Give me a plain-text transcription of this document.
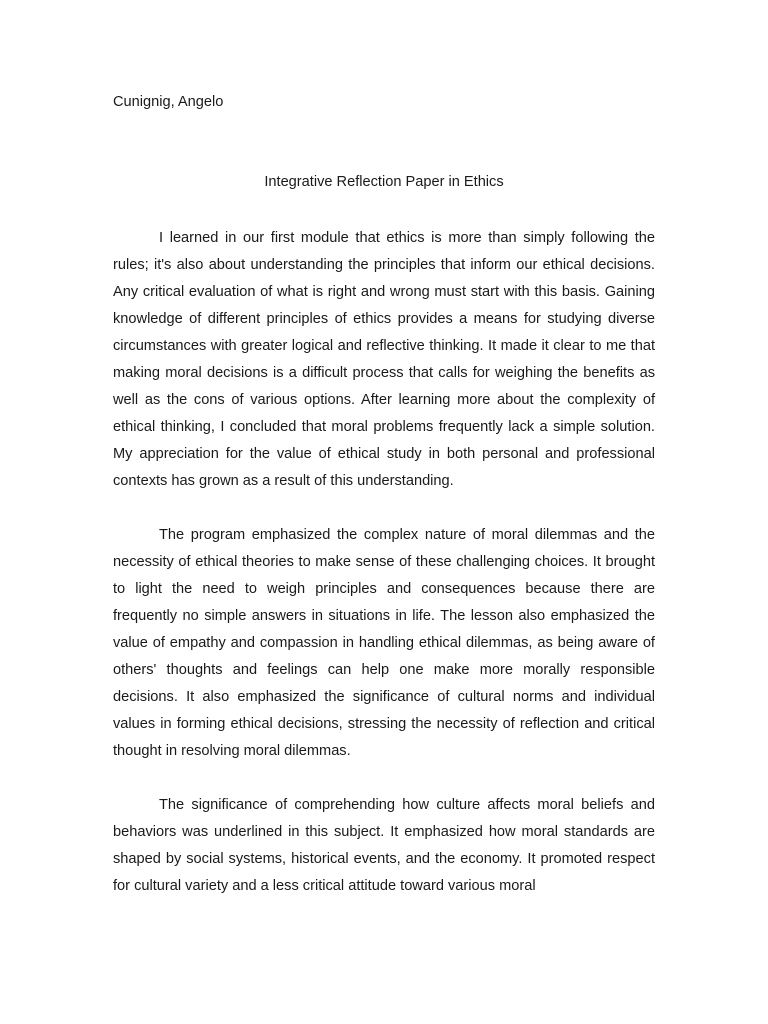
Cunignig, Angelo

Integrative Reflection Paper in Ethics

I learned in our first module that ethics is more than simply following the rules; it's also about understanding the principles that inform our ethical decisions. Any critical evaluation of what is right and wrong must start with this basis. Gaining knowledge of different principles of ethics provides a means for studying diverse circumstances with greater logical and reflective thinking. It made it clear to me that making moral decisions is a difficult process that calls for weighing the benefits as well as the cons of various options. After learning more about the complexity of ethical thinking, I concluded that moral problems frequently lack a simple solution. My appreciation for the value of ethical study in both personal and professional contexts has grown as a result of this understanding.

The program emphasized the complex nature of moral dilemmas and the necessity of ethical theories to make sense of these challenging choices. It brought to light the need to weigh principles and consequences because there are frequently no simple answers in situations in life. The lesson also emphasized the value of empathy and compassion in handling ethical dilemmas, as being aware of others' thoughts and feelings can help one make more morally responsible decisions. It also emphasized the significance of cultural norms and individual values in forming ethical decisions, stressing the necessity of reflection and critical thought in resolving moral dilemmas.

The significance of comprehending how culture affects moral beliefs and behaviors was underlined in this subject. It emphasized how moral standards are shaped by social systems, historical events, and the economy. It promoted respect for cultural variety and a less critical attitude toward various moral
